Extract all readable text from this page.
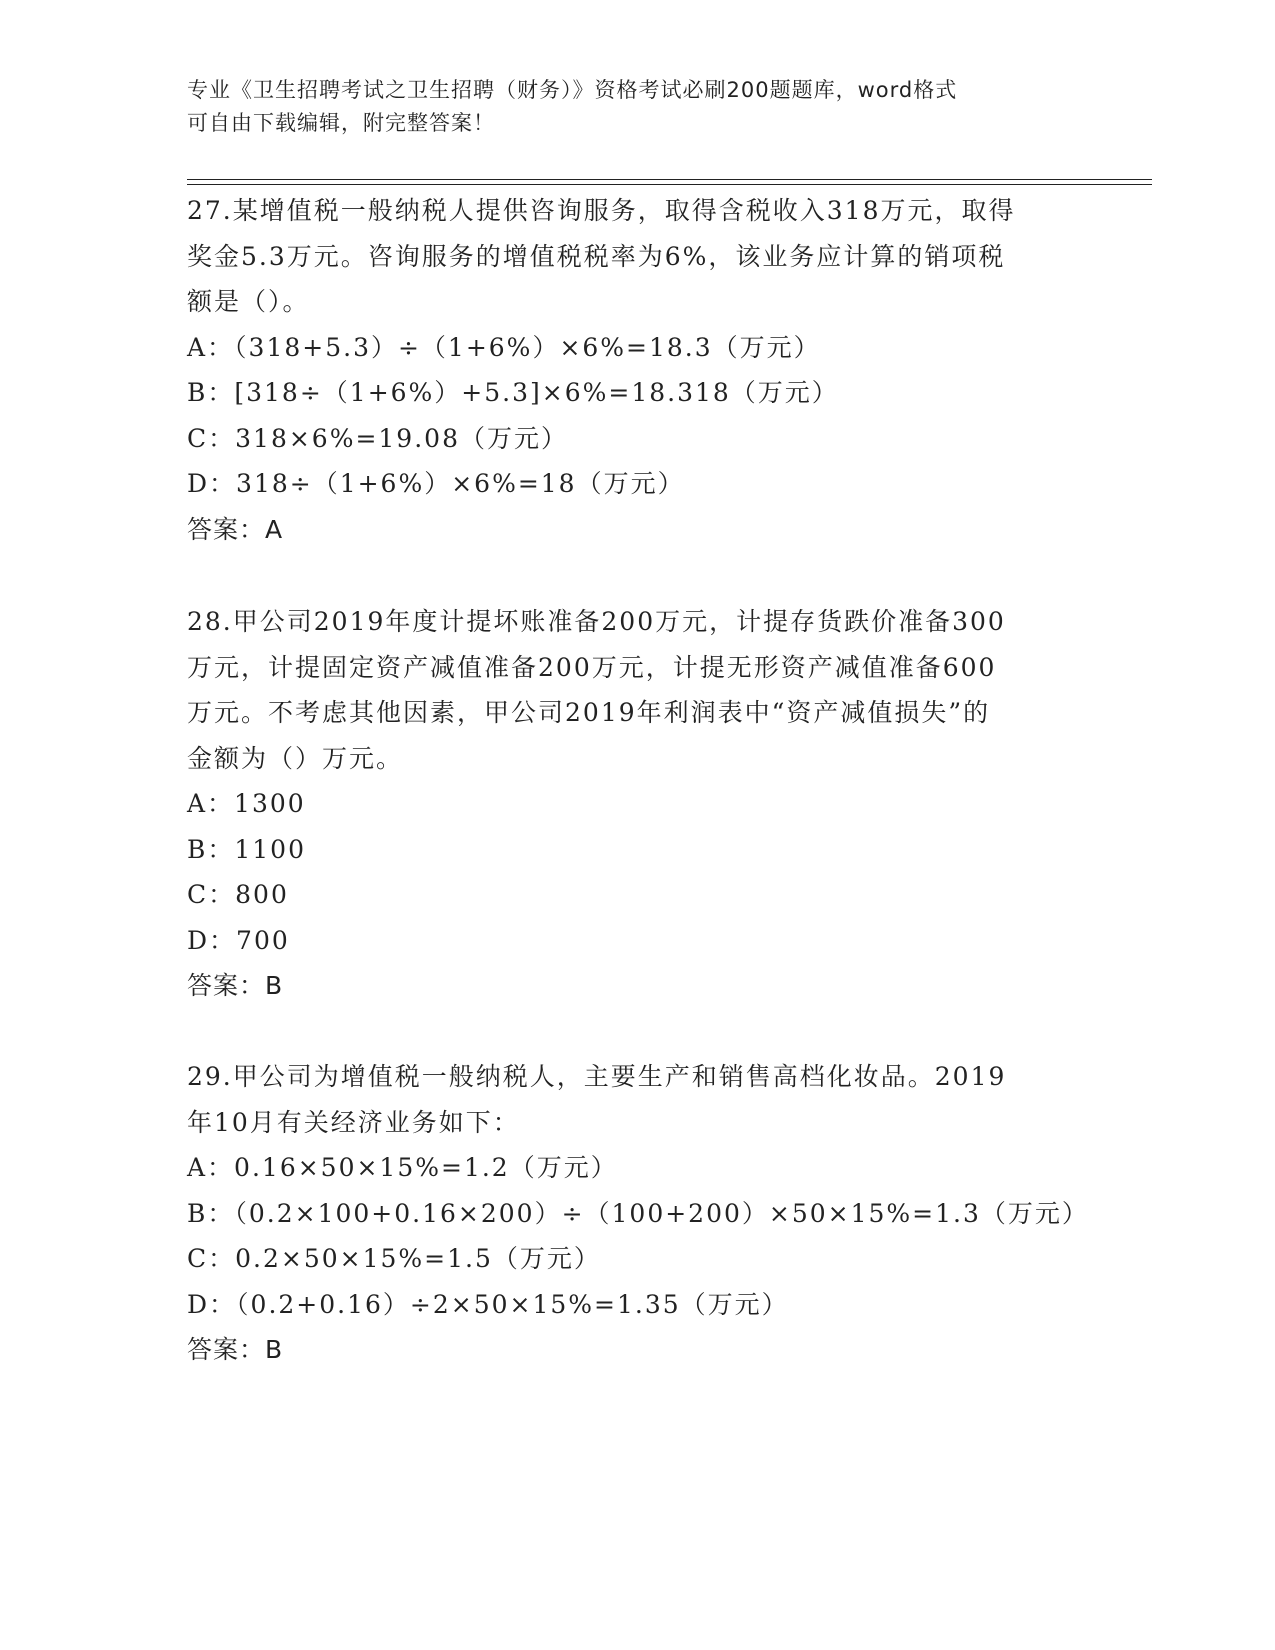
专业《卫生招聘考试之卫生招聘（财务）》资格考试必刷200题题库，word格式
可自由下载编辑，附完整答案！
27.某增值税一般纳税人提供咨询服务，取得含税收入318万元，取得
奖金5.3万元。咨询服务的增值税税率为6%，该业务应计算的销项税
额是（）。
A：（318+5.3）÷（1+6%）×6%=18.3（万元）
B：[318÷（1+6%）+5.3]×6%=18.318（万元）
C：318×6%=19.08（万元）
D：318÷（1+6%）×6%=18（万元）
答案：A
28.甲公司2019年度计提坏账准备200万元，计提存货跌价准备300
万元，计提固定资产减值准备200万元，计提无形资产减值准备600
万元。不考虑其他因素，甲公司2019年利润表中“资产减值损失”的
金额为（）万元。
A：1300
B：1100
C：800
D：700
答案：B
29.甲公司为增值税一般纳税人，主要生产和销售高档化妆品。2019
年10月有关经济业务如下：
A：0.16×50×15%=1.2（万元）
B：（0.2×100+0.16×200）÷（100+200）×50×15%=1.3（万元）
C：0.2×50×15%=1.5（万元）
D：（0.2+0.16）÷2×50×15%=1.35（万元）
答案：B
